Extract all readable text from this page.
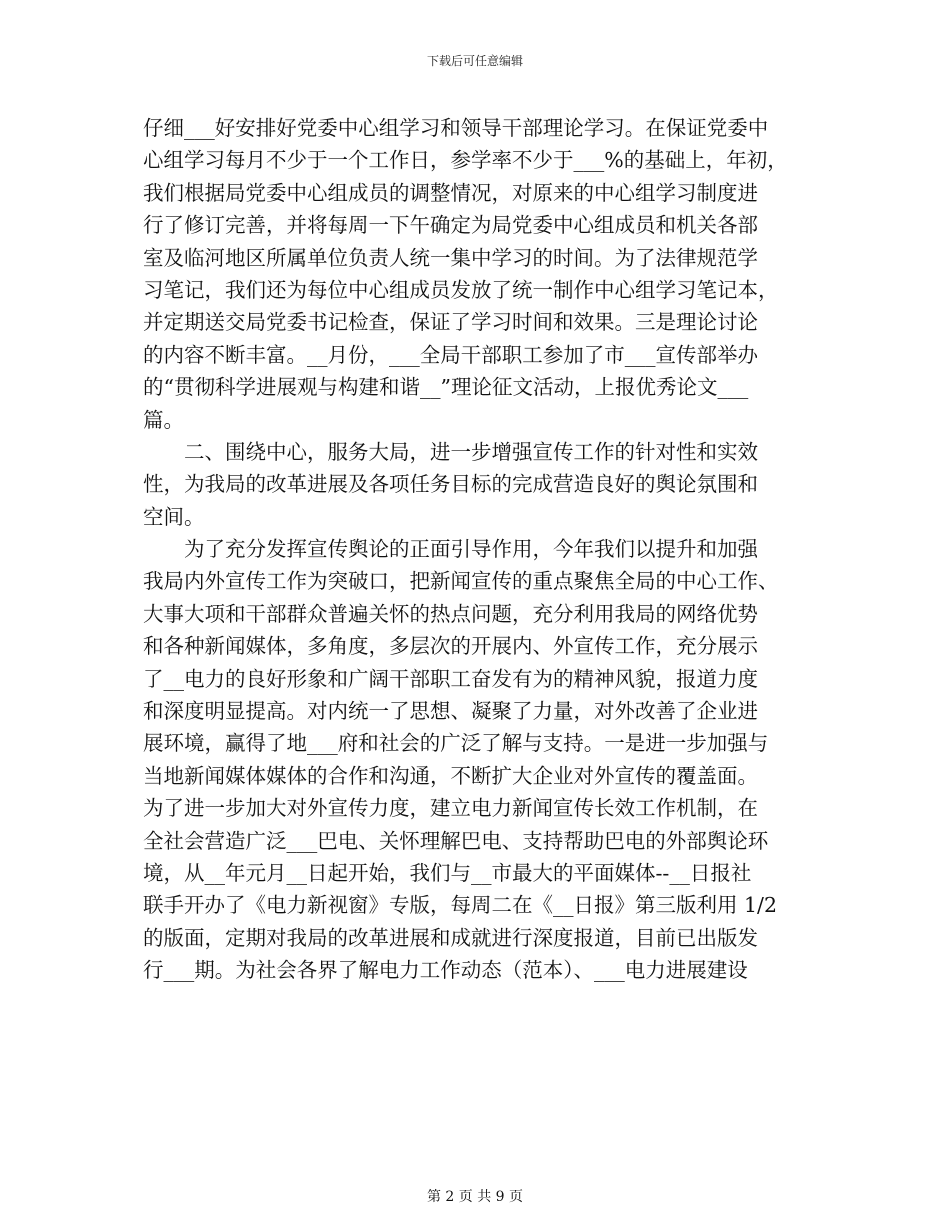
下载后可任意编辑
仔细___好安排好党委中心组学习和领导干部理论学习。在保证党委中
心组学习每月不少于一个工作日，参学率不少于___%的基础上，年初，
我们根据局党委中心组成员的调整情况，对原来的中心组学习制度进
行了修订完善，并将每周一下午确定为局党委中心组成员和机关各部
室及临河地区所属单位负责人统一集中学习的时间。为了法律规范学
习笔记，我们还为每位中心组成员发放了统一制作中心组学习笔记本，
并定期送交局党委书记检查，保证了学习时间和效果。三是理论讨论
的内容不断丰富。__月份，___全局干部职工参加了市___宣传部举办
的“贯彻科学进展观与构建和谐__”理论征文活动，上报优秀论文___
篇。
　　二、围绕中心，服务大局，进一步增强宣传工作的针对性和实效
性，为我局的改革进展及各项任务目标的完成营造良好的舆论氛围和
空间。
　　为了充分发挥宣传舆论的正面引导作用，今年我们以提升和加强
我局内外宣传工作为突破口，把新闻宣传的重点聚焦全局的中心工作、
大事大项和干部群众普遍关怀的热点问题，充分利用我局的网络优势
和各种新闻媒体，多角度，多层次的开展内、外宣传工作，充分展示
了__电力的良好形象和广阔干部职工奋发有为的精神风貌，报道力度
和深度明显提高。对内统一了思想、凝聚了力量，对外改善了企业进
展环境，赢得了地___府和社会的广泛了解与支持。一是进一步加强与
当地新闻媒体媒体的合作和沟通，不断扩大企业对外宣传的覆盖面。
为了进一步加大对外宣传力度，建立电力新闻宣传长效工作机制，在
全社会营造广泛___巴电、关怀理解巴电、支持帮助巴电的外部舆论环
境，从__年元月__日起开始，我们与__市最大的平面媒体--__日报社
联手开办了《电力新视窗》专版，每周二在《__日报》第三版利用 1/2
的版面，定期对我局的改革进展和成就进行深度报道，目前已出版发
行___期。为社会各界了解电力工作动态（范本）、___电力进展建设
第 2 页 共 9 页
